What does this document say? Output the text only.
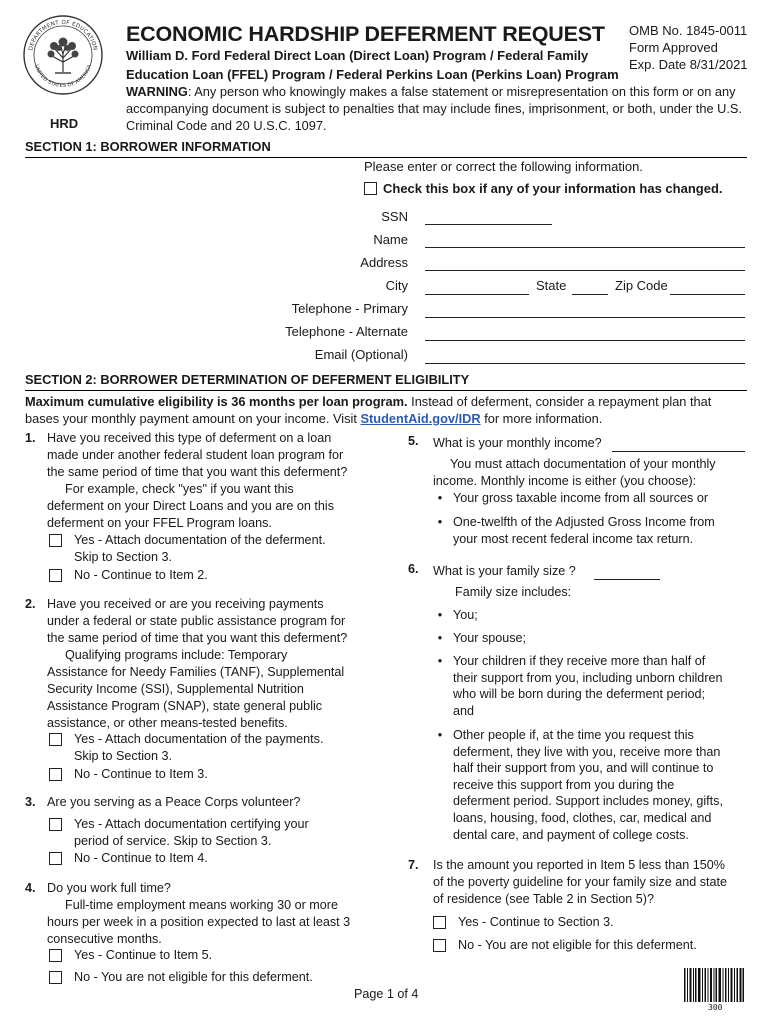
DEPARTMENT OF EDUCATION
UNITED STATES OF AMERICA
HRD
ECONOMIC HARDSHIP DEFERMENT REQUEST
William D. Ford Federal Direct Loan (Direct Loan) Program / Federal Family
Education Loan (FFEL) Program / Federal Perkins Loan (Perkins Loan) Program
OMB No. 1845-0011
Form Approved
Exp. Date 8/31/2021
WARNING: Any person who knowingly makes a false statement or misrepresentation on this form or on any accompanying document is subject to penalties that may include fines, imprisonment, or both, under the U.S. Criminal Code and 20 U.S.C. 1097.
SECTION 1: BORROWER INFORMATION
Please enter or correct the following information.
Check this box if any of your information has changed.
SSN
Name
Address
City	State	Zip Code
Telephone - Primary
Telephone - Alternate
Email (Optional)
SECTION 2: BORROWER DETERMINATION OF DEFERMENT ELIGIBILITY
Maximum cumulative eligibility is 36 months per loan program. Instead of deferment, consider a repayment plan that bases your monthly payment amount on your income. Visit StudentAid.gov/IDR for more information.
1. Have you received this type of deferment on a loan
made under another federal student loan program for
the same period of time that you want this deferment?
For example, check "yes" if you want this
deferment on your Direct Loans and you are on this
deferment on your FFEL Program loans.
Yes - Attach documentation of the deferment.
Skip to Section 3.
No - Continue to Item 2.
2. Have you received or are you receiving payments
under a federal or state public assistance program for
the same period of time that you want this deferment?
Qualifying programs include: Temporary
Assistance for Needy Families (TANF), Supplemental
Security Income (SSI), Supplemental Nutrition
Assistance Program (SNAP), state general public
assistance, or other means-tested benefits.
Yes - Attach documentation of the payments.
Skip to Section 3.
No - Continue to Item 3.
3. Are you serving as a Peace Corps volunteer?
Yes - Attach documentation certifying your
period of service. Skip to Section 3.
No - Continue to Item 4.
4. Do you work full time?
Full-time employment means working 30 or more
hours per week in a position expected to last at least 3
consecutive months.
Yes - Continue to Item 5.
No - You are not eligible for this deferment.
5. What is your monthly income?
You must attach documentation of your monthly
income. Monthly income is either (you choose):
• Your gross taxable income from all sources or
• One-twelfth of the Adjusted Gross Income from
your most recent federal income tax return.
6. What is your family size ?
Family size includes:
• You;
• Your spouse;
• Your children if they receive more than half of
their support from you, including unborn children
who will be born during the deferment period;
and
• Other people if, at the time you request this
deferment, they live with you, receive more than
half their support from you, and will continue to
receive this support from you during the
deferment period. Support includes money, gifts,
loans, housing, food, clothes, car, medical and
dental care, and payment of college costs.
7. Is the amount you reported in Item 5 less than 150%
of the poverty guideline for your family size and state
of residence (see Table 2 in Section 5)?
Yes - Continue to Section 3.
No - You are not eligible for this deferment.
Page 1 of 4
300
